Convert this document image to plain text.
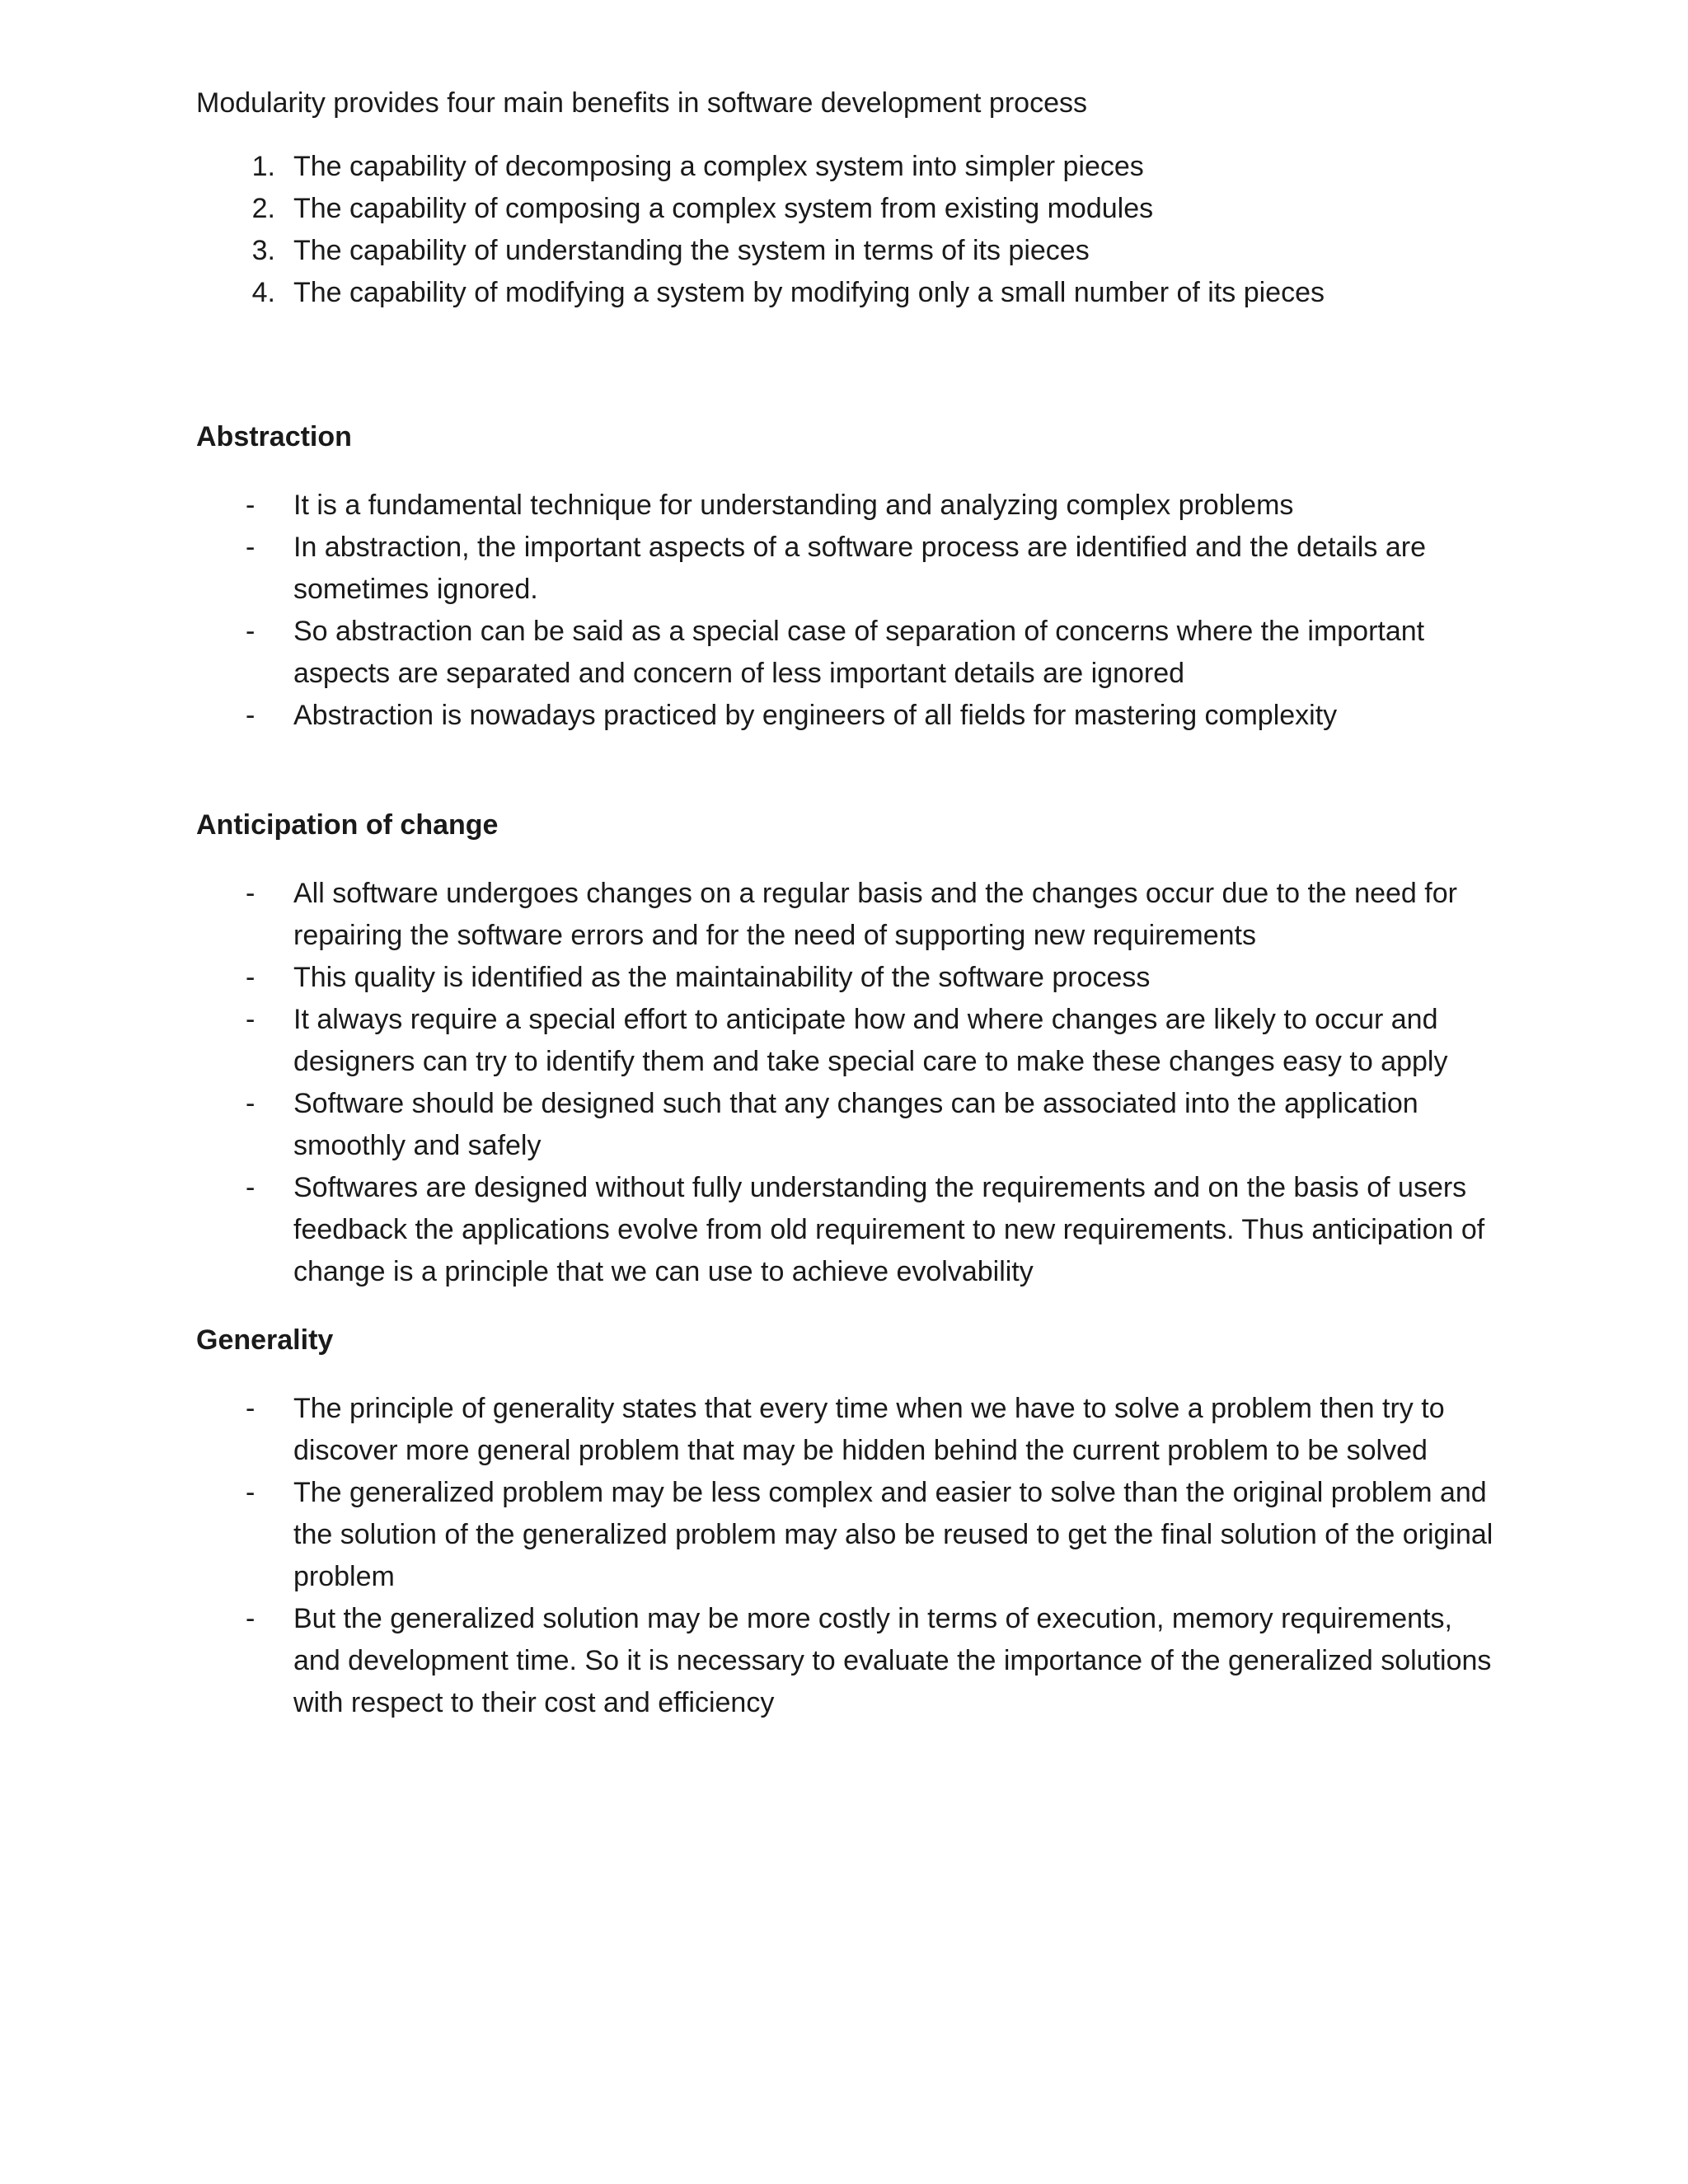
Modularity provides four main benefits in software development process

1. The capability of decomposing a complex system into simpler pieces
2. The capability of composing a complex system from existing modules
3. The capability of understanding the system in terms of its pieces
4. The capability of modifying a system by modifying only a small number of its pieces
Abstraction
- It is a fundamental technique for understanding and analyzing complex problems
- In abstraction, the important aspects of a software process are identified and the details are sometimes ignored.
- So abstraction can be said as a special case of separation of concerns where the important aspects are separated and concern of less important details are ignored
- Abstraction is nowadays practiced by engineers of all fields for mastering complexity
Anticipation of change
- All software undergoes changes on a regular basis and the changes occur due to the need for repairing the software errors and for the need of supporting new requirements
- This quality is identified as the maintainability of the software process
- It always require a special effort to anticipate how and where changes are likely to occur and designers can try to identify them and take special care to make these changes easy to apply
- Software should be designed such that any changes can be associated into the application smoothly and safely
- Softwares are designed without fully understanding the requirements and on the basis of users feedback the applications evolve from old requirement to new requirements. Thus anticipation of change is a principle that we can use to achieve evolvability
Generality
- The principle of generality states that every time when we have to solve a problem then try to discover more general problem that may be hidden behind the current problem to be solved
- The generalized problem may be less complex and easier to solve than the original problem and the solution of the generalized problem may also be reused to get the final solution of the original problem
- But the generalized solution may be more costly in terms of execution, memory requirements, and development time. So it is necessary to evaluate the importance of the generalized solutions with respect to their cost and efficiency
